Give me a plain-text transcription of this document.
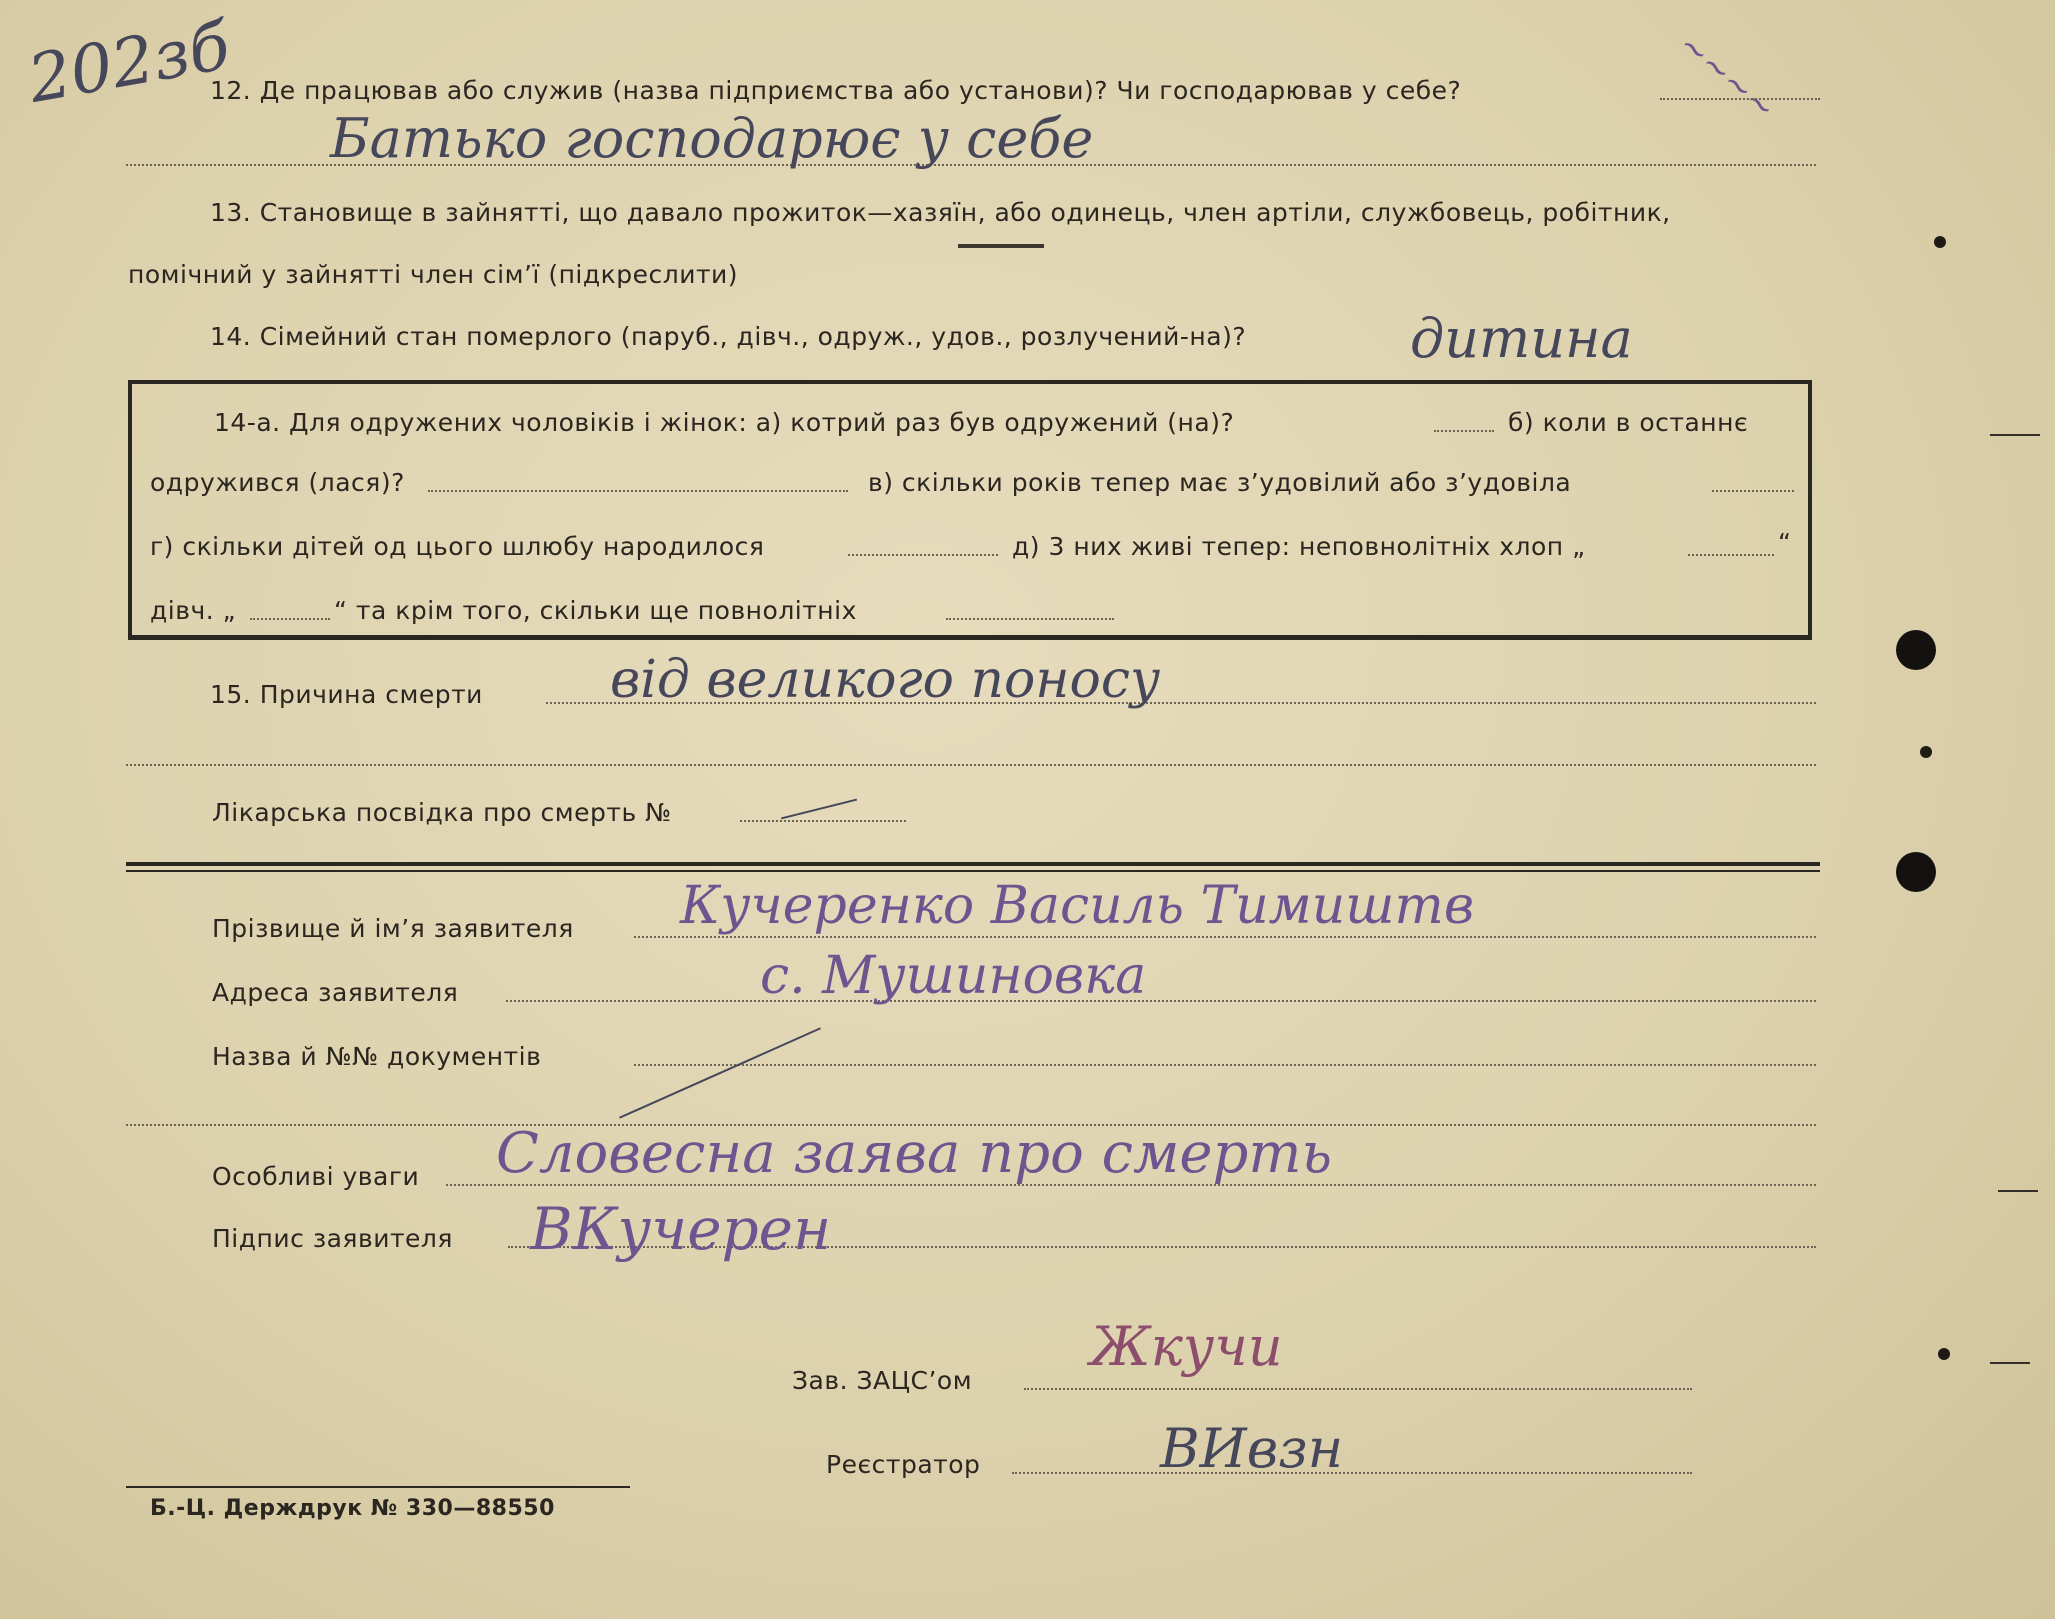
202зб	~~~~
12. Де працював або служив (назва підприємства або установи)? Чи господарював у себе?
Батько господарює у себе
13. Становище в зайнятті, що давало прожиток—хазяїн, або одинець, член артіли, службовець, робітник,
помічний у зайнятті член сім’ї (підкреслити)
14. Сімейний стан померлого (паруб., дівч., одруж., удов., розлучений-на)?	дитина
14-а. Для одружених чоловіків і жінок: а) котрий раз був одружений (на)?	б) коли в останнє
одружився (лася)?	в) скільки років тепер має з’удовілий або з’удовіла
г) скільки дітей од цього шлюбу народилося	д) 3 них живі тепер: неповнолітніх хлоп „	“
дівч. „	“ та крім того, скільки ще повнолітніх
15. Причина смерти від великого поносу
Лікарська посвідка про смерть №
Прізвище й ім’я заявителя Кучеренко Василь Тимиштв
Адреса заявителя	с. Мушиновка
Назва й №№ документів
Особливі уваги Словесна заява про смерть
Підпис заявителя ВКучерен
Зав. ЗАЦС’ом
Жкучи
Реєстратор	ВИвзн
Б.-Ц. Держдрук № 330—88550
